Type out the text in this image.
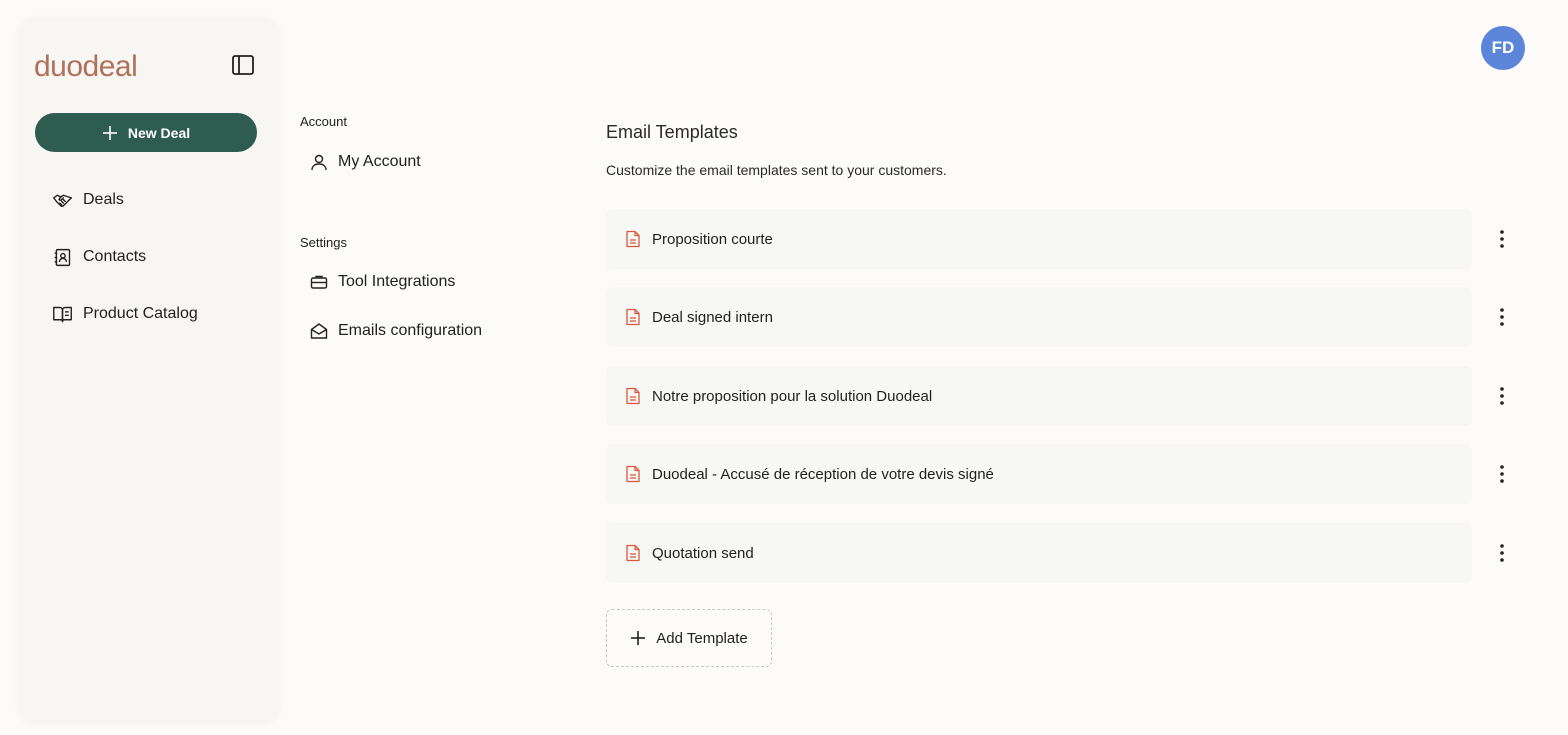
duodeal
New Deal
Deals
Contacts
Product Catalog
Account
My Account
Settings
Tool Integrations
Emails configuration
Email Templates

Customize the email templates sent to your customers.

Proposition courte
Deal signed intern
Notre proposition pour la solution Duodeal
Duodeal - Accusé de réception de votre devis signé
Quotation send
Add Template
FD
